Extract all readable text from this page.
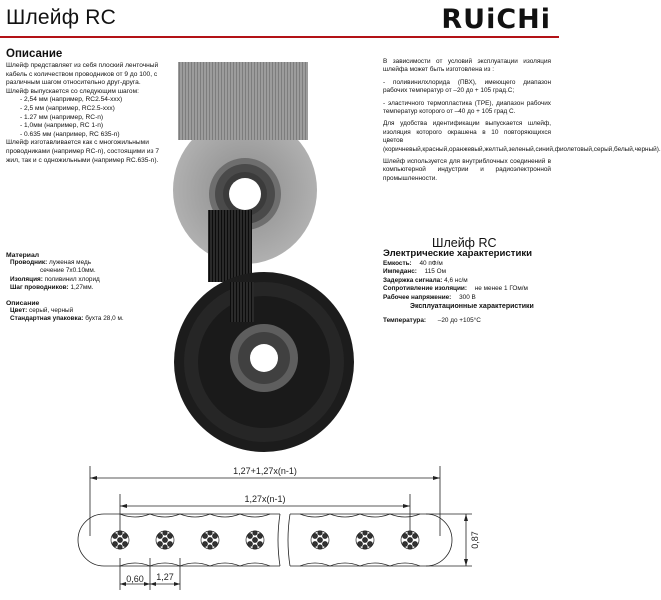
Шлейф RC	RUiCHi
Описание
Шлейф представляет из себя плоский ленточный кабель с количеством проводников от 9 до 100, с различным шагом относительно друг-друга.
Шлейф выпускается со следующим шагом:
- 2,54 мм (например, RC2.54-xxx)
- 2,5 мм (например, RC2.5-xxx)
- 1.27 мм (например, RC-n)
- 1,0мм (например, RC 1-n)
- 0.635 мм (например, RC 635-n)
Шлейф изготавливается как с многожильными проводниками (например RC-n), состоящими из 7 жил, так и с одножильными (например RC.635-n).
Материал
Проводник: луженая медь
сечение 7x0.10мм.
Изоляция: поливинил хлорид
Шаг проводников: 1,27мм.
Описание
Цвет: серый, черный
Стандартная упаковка: бухта 28,0 м.

В зависимости от условий эксплуатации изоляция шлейфа может быть изготовлена из :

- поливинилхлорида (ПВХ), имеющего диапазон рабочих температур от –20 до + 105 град.С;

- эластичного термопластика (TPE), диапазон рабочих температур которого от –40 до + 105 град С.

Для удобства идентификации выпускается шлейф, изоляция которого окрашена в 10 повторяющихся цветов (коричневый,красный,оранжевый,желтый,зеленый,синий,фиолетовый,серый,белый,черный).

Шлейф используется для внутриблочных соединений в компьютерной индустрии и радиоэлектронной промышленности.

Шлейф RC
Электрические характеристики
Емкость: 40 пФ/м
Импеданс: 115 Ом
Задержка сигнала: 4,6 нс/м
Сопротивление изоляции: не менее 1 ГОм/м
Рабочее напряжение: 300 В
Эксплуатационные характеристики
Температура: –20 до +105°C
1,27+1,27x(n-1)
1,27x(n-1)
0,87
0,60 1,27
